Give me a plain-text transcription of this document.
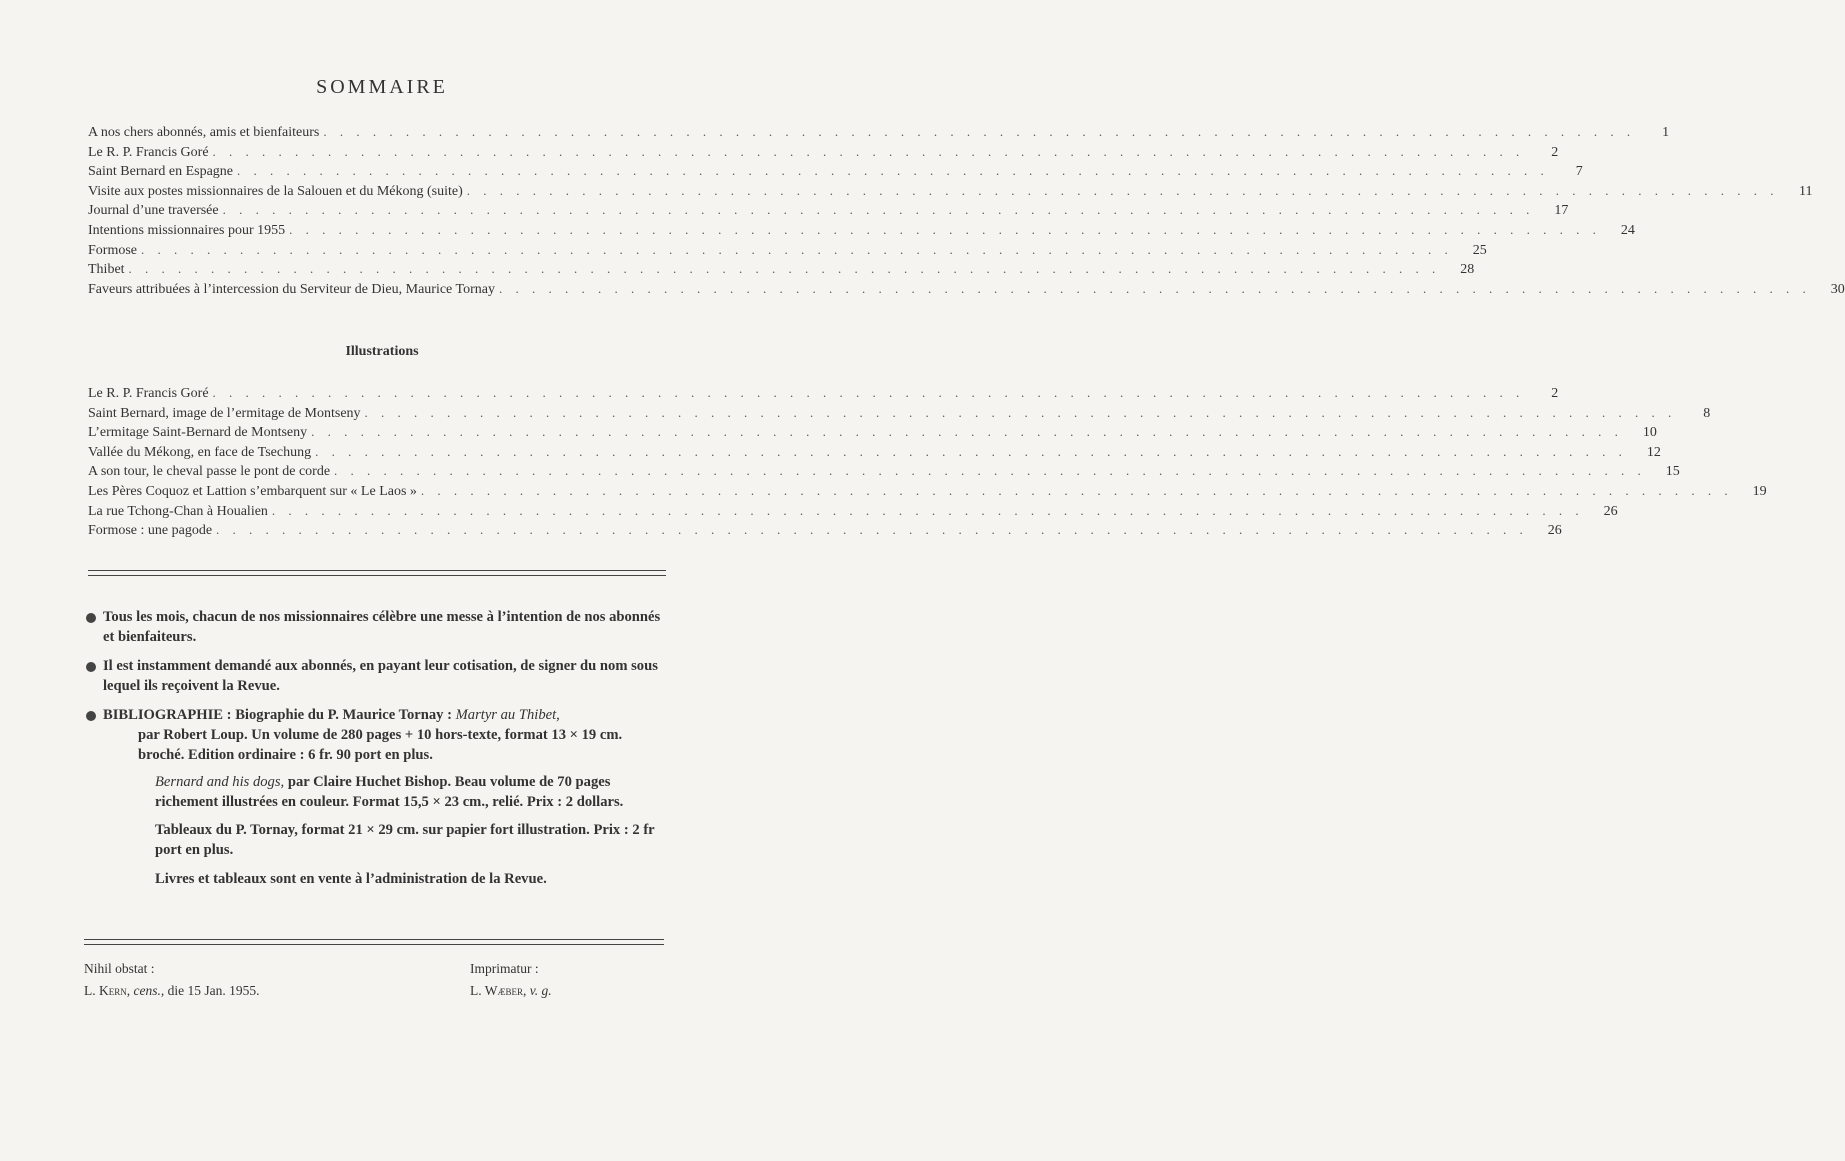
SOMMAIRE
A nos chers abonnés, amis et bienfaiteurs . . . . . . . . . . . . . . . . . . . . . . . . . . . . . . . . . . . . . . . . . . . . . . . . . . . . . . . . . . . . . . . . . . . . . . . . . . . . . . . .	1
Le R. P. Francis Goré . . . . . . . . . . . . . . . . . . . . . . . . . . . . . . . . . . . . . . . . . . . . . . . . . . . . . . . . . . . . . . . . . . . . . . . . . . . . . . . .	2
Saint Bernard en Espagne . . . . . . . . . . . . . . . . . . . . . . . . . . . . . . . . . . . . . . . . . . . . . . . . . . . . . . . . . . . . . . . . . . . . . . . . . . . . . . . .	7
Visite aux postes missionnaires de la Salouen et du Mékong (suite) . . . . . . . . . . . . . . . . . . . . . . . . . . . . . . . . . . . . . . . . . . . . . . . . . . . . . . . . . . . . . . . . . . . . . . . . . . . . . . . .	11
Journal d’une traversée . . . . . . . . . . . . . . . . . . . . . . . . . . . . . . . . . . . . . . . . . . . . . . . . . . . . . . . . . . . . . . . . . . . . . . . . . . . . . . . .	17
Intentions missionnaires pour 1955 . . . . . . . . . . . . . . . . . . . . . . . . . . . . . . . . . . . . . . . . . . . . . . . . . . . . . . . . . . . . . . . . . . . . . . . . . . . . . . . .	24
Formose . . . . . . . . . . . . . . . . . . . . . . . . . . . . . . . . . . . . . . . . . . . . . . . . . . . . . . . . . . . . . . . . . . . . . . . . . . . . . . . .	25
Thibet . . . . . . . . . . . . . . . . . . . . . . . . . . . . . . . . . . . . . . . . . . . . . . . . . . . . . . . . . . . . . . . . . . . . . . . . . . . . . . . .	28
Faveurs attribuées à l’intercession du Serviteur de Dieu, Maurice Tornay . . . . . . . . . . . . . . . . . . . . . . . . . . . . . . . . . . . . . . . . . . . . . . . . . . . . . . . . . . . . . . . . . . . . . . . . . . . . . . . .	30
Illustrations
Le R. P. Francis Goré . . . . . . . . . . . . . . . . . . . . . . . . . . . . . . . . . . . . . . . . . . . . . . . . . . . . . . . . . . . . . . . . . . . . . . . . . . . . . . . .	2
Saint Bernard, image de l’ermitage de Montseny . . . . . . . . . . . . . . . . . . . . . . . . . . . . . . . . . . . . . . . . . . . . . . . . . . . . . . . . . . . . . . . . . . . . . . . . . . . . . . . .	8
L’ermitage Saint-Bernard de Montseny . . . . . . . . . . . . . . . . . . . . . . . . . . . . . . . . . . . . . . . . . . . . . . . . . . . . . . . . . . . . . . . . . . . . . . . . . . . . . . . .	10
Vallée du Mékong, en face de Tsechung . . . . . . . . . . . . . . . . . . . . . . . . . . . . . . . . . . . . . . . . . . . . . . . . . . . . . . . . . . . . . . . . . . . . . . . . . . . . . . . .	12
A son tour, le cheval passe le pont de corde . . . . . . . . . . . . . . . . . . . . . . . . . . . . . . . . . . . . . . . . . . . . . . . . . . . . . . . . . . . . . . . . . . . . . . . . . . . . . . . .	15
Les Pères Coquoz et Lattion s’embarquent sur « Le Laos » . . . . . . . . . . . . . . . . . . . . . . . . . . . . . . . . . . . . . . . . . . . . . . . . . . . . . . . . . . . . . . . . . . . . . . . . . . . . . . . .	19
La rue Tchong-Chan à Houalien . . . . . . . . . . . . . . . . . . . . . . . . . . . . . . . . . . . . . . . . . . . . . . . . . . . . . . . . . . . . . . . . . . . . . . . . . . . . . . . .	26
Formose : une pagode . . . . . . . . . . . . . . . . . . . . . . . . . . . . . . . . . . . . . . . . . . . . . . . . . . . . . . . . . . . . . . . . . . . . . . . . . . . . . . . .	26
Tous les mois, chacun de nos missionnaires célèbre une messe à l’intention de nos abonnés et bienfaiteurs.
Il est instamment demandé aux abonnés, en payant leur cotisation, de signer du nom sous lequel ils reçoivent la Revue.
BIBLIOGRAPHIE : Biographie du P. Maurice Tornay : Martyr au Thibet,
par Robert Loup. Un volume de 280 pages + 10 hors-texte, format 13 × 19 cm. broché. Edition ordinaire : 6 fr. 90 port en plus.
Bernard and his dogs, par Claire Huchet Bishop. Beau volume de 70 pages richement illustrées en couleur. Format 15,5 × 23 cm., relié. Prix : 2 dollars.
Tableaux du P. Tornay, format 21 × 29 cm. sur papier fort illustration. Prix : 2 fr port en plus.
Livres et tableaux sont en vente à l’administration de la Revue.
Nihil obstat :
L. Kern, cens., die 15 Jan. 1955.
Imprimatur :
L. Wæber, v. g.
